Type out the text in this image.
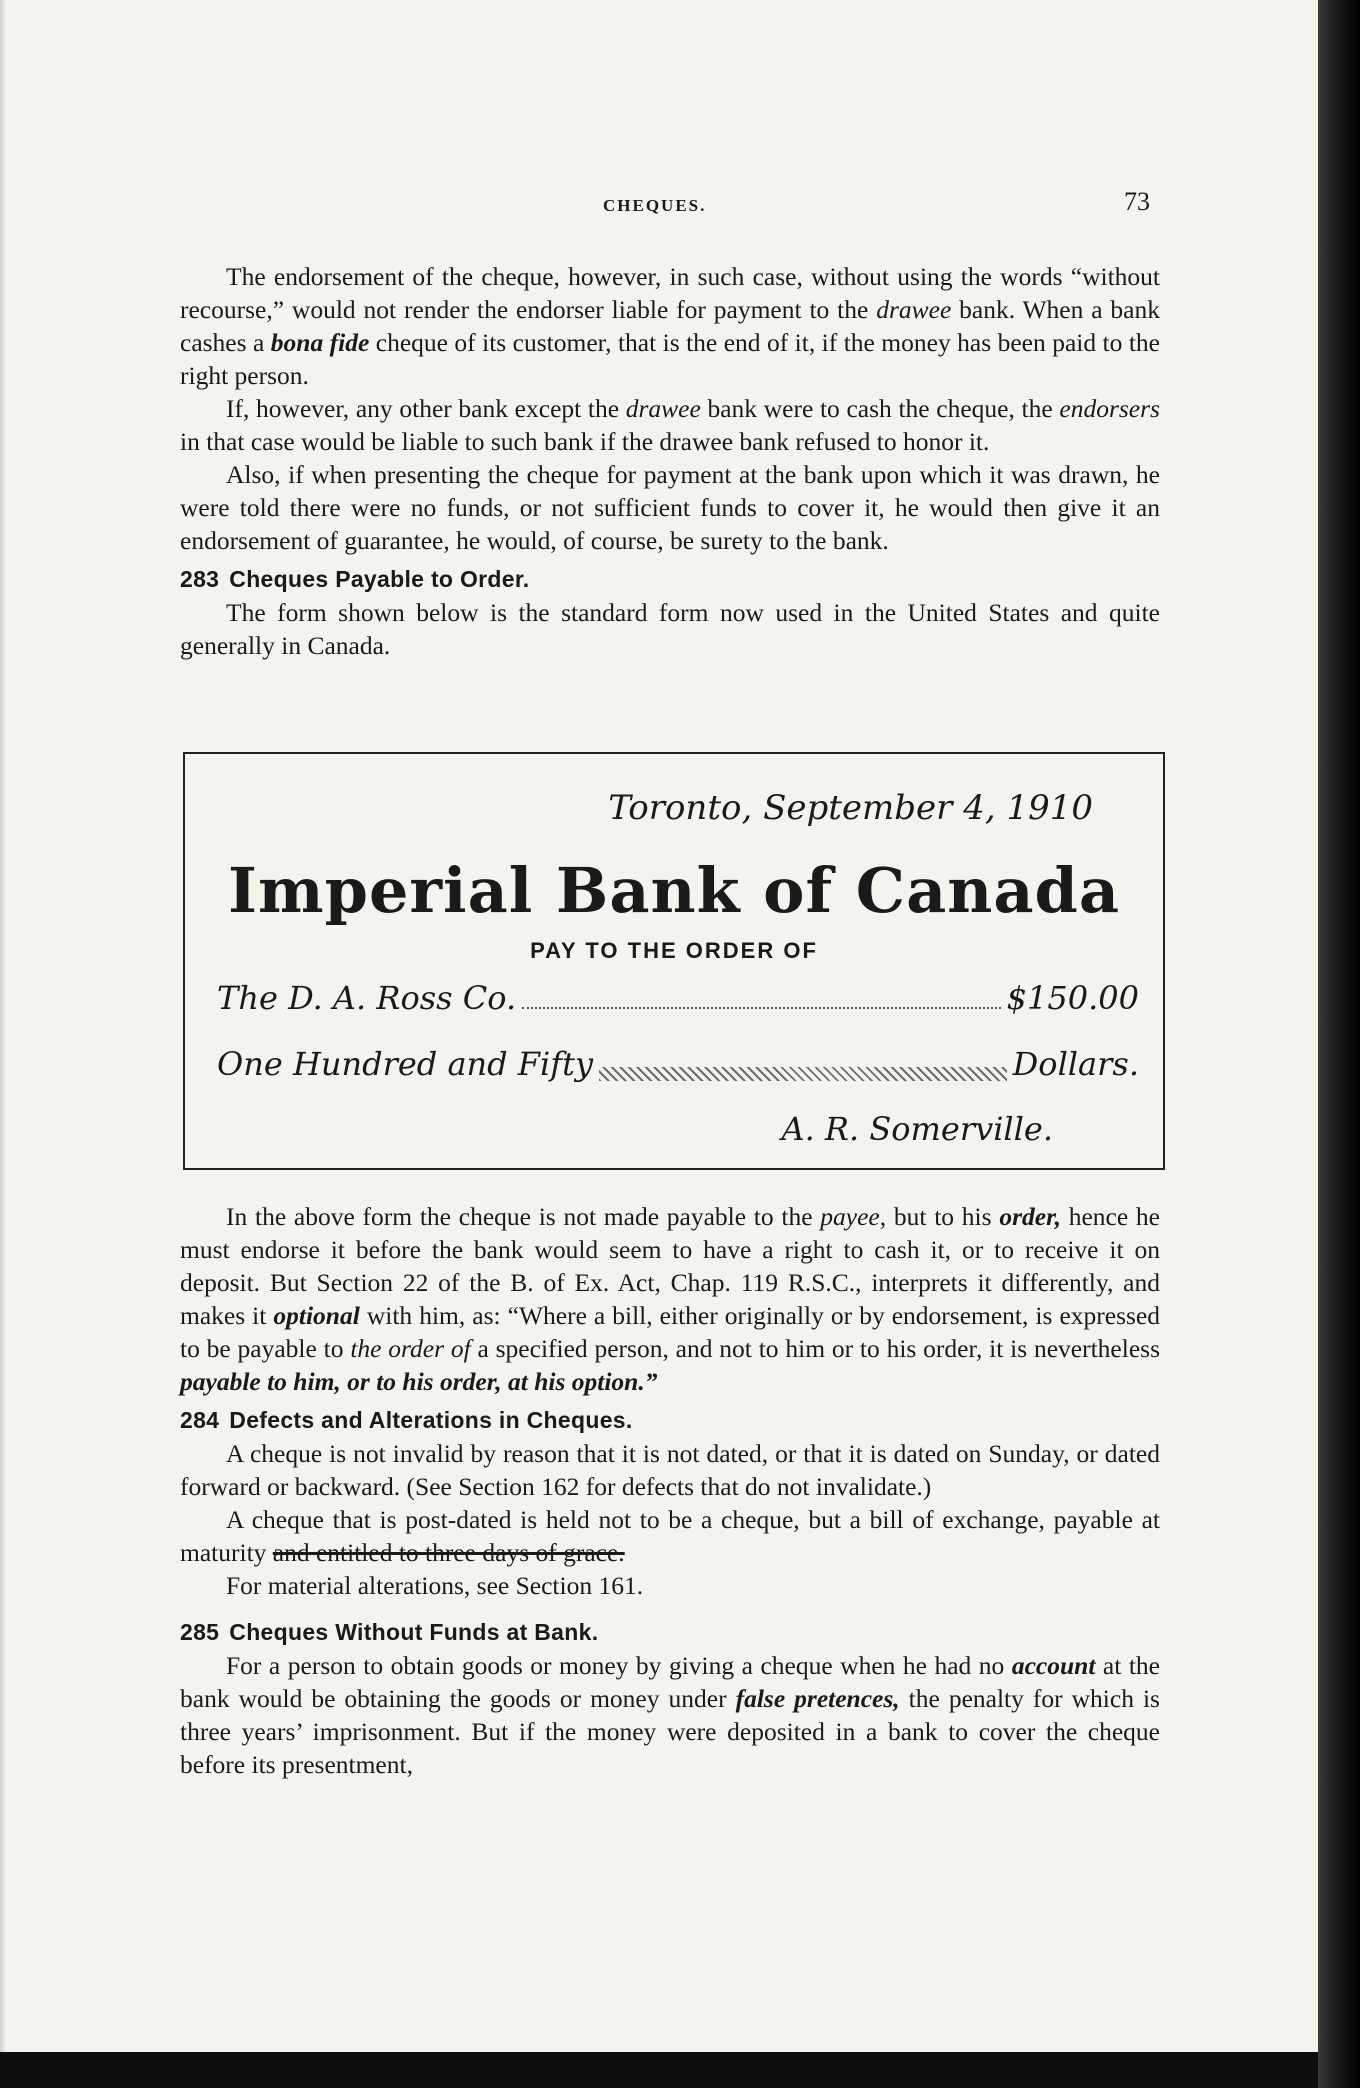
CHEQUES.	73

The endorsement of the cheque, however, in such case, without using the words “without recourse,” would not render the endorser liable for payment to the drawee bank. When a bank cashes a bona fide cheque of its customer, that is the end of it, if the money has been paid to the right person.

If, however, any other bank except the drawee bank were to cash the cheque, the endorsers in that case would be liable to such bank if the drawee bank refused to honor it.

Also, if when presenting the cheque for payment at the bank upon which it was drawn, he were told there were no funds, or not sufficient funds to cover it, he would then give it an endorsement of guarantee, he would, of course, be surety to the bank.

283 Cheques Payable to Order.

The form shown below is the standard form now used in the United States and quite generally in Canada.

Toronto, September 4, 1910
Imperial Bank of Canada
PAY TO THE ORDER OF
The D. A. Ross Co.	$150.00
One Hundred and Fifty	Dollars.
A. R. Somerville.

In the above form the cheque is not made payable to the payee, but to his order, hence he must endorse it before the bank would seem to have a right to cash it, or to receive it on deposit. But Section 22 of the B. of Ex. Act, Chap. 119 R.S.C., interprets it differently, and makes it optional with him, as: “Where a bill, either originally or by endorsement, is expressed to be payable to the order of a specified person, and not to him or to his order, it is nevertheless payable to him, or to his order, at his option.”

284 Defects and Alterations in Cheques.

A cheque is not invalid by reason that it is not dated, or that it is dated on Sunday, or dated forward or backward. (See Section 162 for defects that do not invalidate.)

A cheque that is post-dated is held not to be a cheque, but a bill of exchange, payable at maturity and entitled to three days of grace.

For material alterations, see Section 161.

285 Cheques Without Funds at Bank.

For a person to obtain goods or money by giving a cheque when he had no account at the bank would be obtaining the goods or money under false pretences, the penalty for which is three years’ imprisonment. But if the money were deposited in a bank to cover the cheque before its presentment,
